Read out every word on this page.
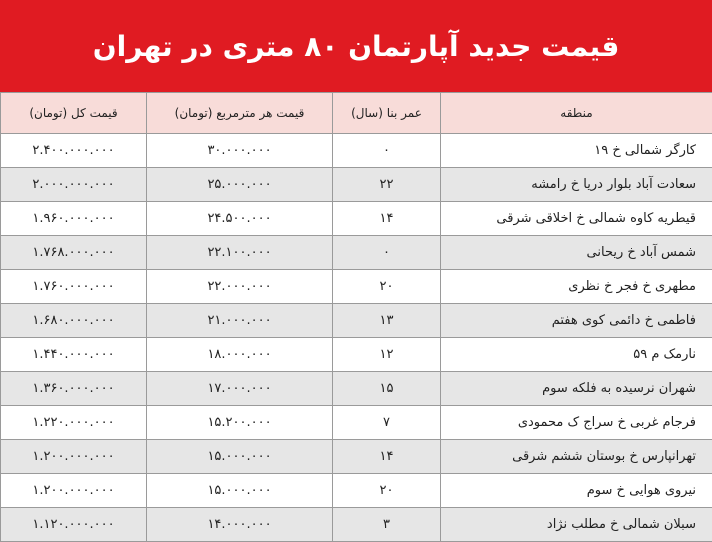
قیمت جدید آپارتمان ۸۰ متری در تهران
منطقه	عمر بنا (سال)	قیمت هر مترمربع (تومان)	قیمت کل (تومان)
کارگر شمالی خ ۱۹	۰	۳۰.۰۰۰.۰۰۰	۲.۴۰۰.۰۰۰.۰۰۰
سعادت آباد بلوار دریا خ رامشه	۲۲	۲۵.۰۰۰.۰۰۰	۲.۰۰۰.۰۰۰.۰۰۰
قیطریه کاوه شمالی خ اخلاقی شرقی	۱۴	۲۴.۵۰۰.۰۰۰	۱.۹۶۰.۰۰۰.۰۰۰
شمس آباد خ ریحانی	۰	۲۲.۱۰۰.۰۰۰	۱.۷۶۸.۰۰۰.۰۰۰
مطهری خ فجر خ نظری	۲۰	۲۲.۰۰۰.۰۰۰	۱.۷۶۰.۰۰۰.۰۰۰
فاطمی خ دائمی کوی هفتم	۱۳	۲۱.۰۰۰.۰۰۰	۱.۶۸۰.۰۰۰.۰۰۰
نارمک م ۵۹	۱۲	۱۸.۰۰۰.۰۰۰	۱.۴۴۰.۰۰۰.۰۰۰
شهران نرسیده به فلکه سوم	۱۵	۱۷.۰۰۰.۰۰۰	۱.۳۶۰.۰۰۰.۰۰۰
فرجام غربی خ سراج ک محمودی	۷	۱۵.۲۰۰.۰۰۰	۱.۲۲۰.۰۰۰.۰۰۰
تهرانپارس خ بوستان ششم شرقی	۱۴	۱۵.۰۰۰.۰۰۰	۱.۲۰۰.۰۰۰.۰۰۰
نیروی هوایی خ سوم	۲۰	۱۵.۰۰۰.۰۰۰	۱.۲۰۰.۰۰۰.۰۰۰
سبلان شمالی خ مطلب نژاد	۳	۱۴.۰۰۰.۰۰۰	۱.۱۲۰.۰۰۰.۰۰۰
